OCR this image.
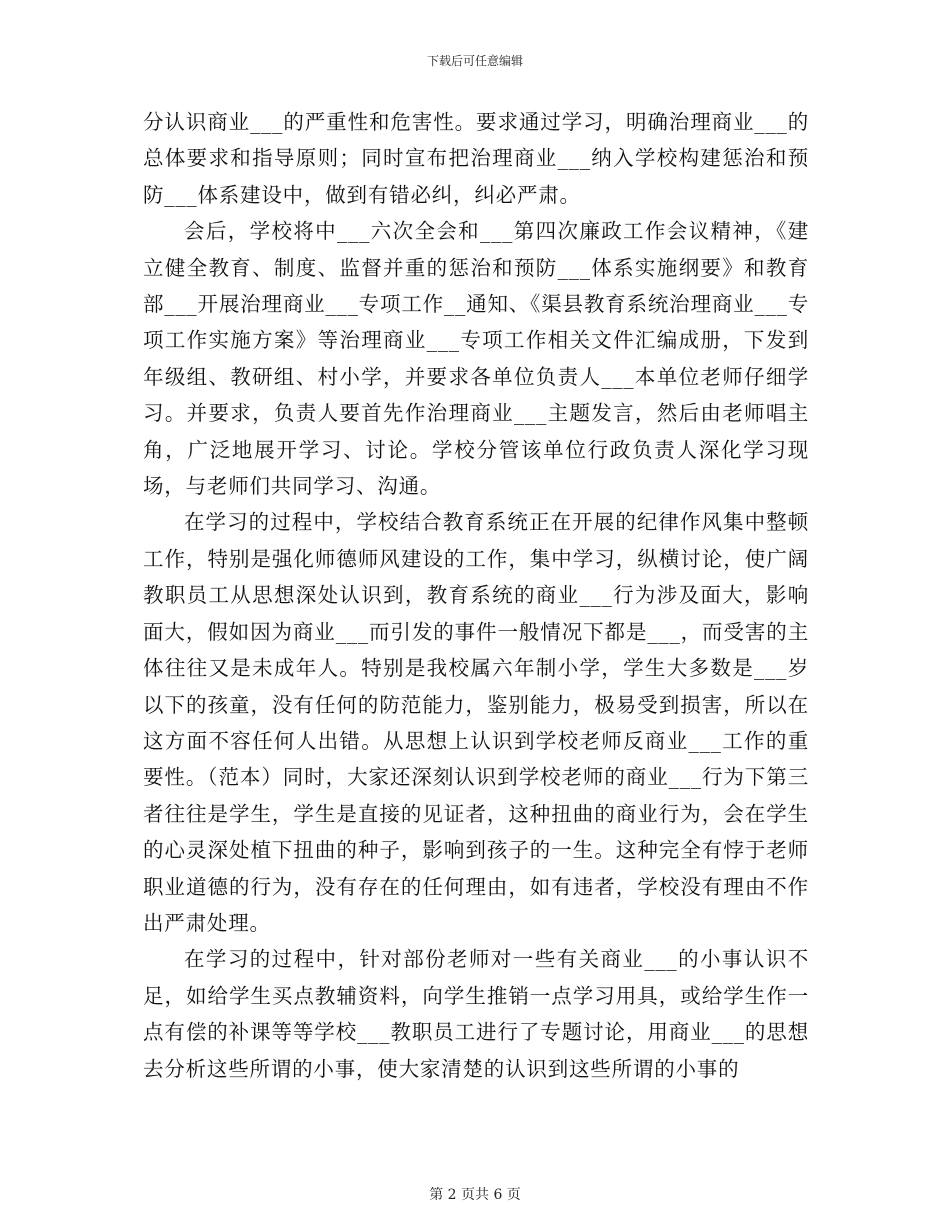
下载后可任意编辑

分认识商业___的严重性和危害性。要求通过学习，明确治理商业___的总体要求和指导原则；同时宣布把治理商业___纳入学校构建惩治和预防___体系建设中，做到有错必纠，纠必严肃。

会后，学校将中___六次全会和___第四次廉政工作会议精神，《建立健全教育、制度、监督并重的惩治和预防___体系实施纲要》和教育部___开展治理商业___专项工作__通知、《渠县教育系统治理商业___专项工作实施方案》等治理商业___专项工作相关文件汇编成册，下发到年级组、教研组、村小学，并要求各单位负责人___本单位老师仔细学习。并要求，负责人要首先作治理商业___主题发言，然后由老师唱主角，广泛地展开学习、讨论。学校分管该单位行政负责人深化学习现场，与老师们共同学习、沟通。

在学习的过程中，学校结合教育系统正在开展的纪律作风集中整顿工作，特别是强化师德师风建设的工作，集中学习，纵横讨论，使广阔教职员工从思想深处认识到，教育系统的商业___行为涉及面大，影响面大，假如因为商业___而引发的事件一般情况下都是___，而受害的主体往往又是未成年人。特别是我校属六年制小学，学生大多数是___岁以下的孩童，没有任何的防范能力，鉴别能力，极易受到损害，所以在这方面不容任何人出错。从思想上认识到学校老师反商业___工作的重要性。（范本）同时，大家还深刻认识到学校老师的商业___行为下第三者往往是学生，学生是直接的见证者，这种扭曲的商业行为，会在学生的心灵深处植下扭曲的种子，影响到孩子的一生。这种完全有悖于老师职业道德的行为，没有存在的任何理由，如有违者，学校没有理由不作出严肃处理。

在学习的过程中，针对部份老师对一些有关商业___的小事认识不足，如给学生买点教辅资料，向学生推销一点学习用具，或给学生作一点有偿的补课等等学校___教职员工进行了专题讨论，用商业___的思想去分析这些所谓的小事，使大家清楚的认识到这些所谓的小事的

第 2 页共 6 页
